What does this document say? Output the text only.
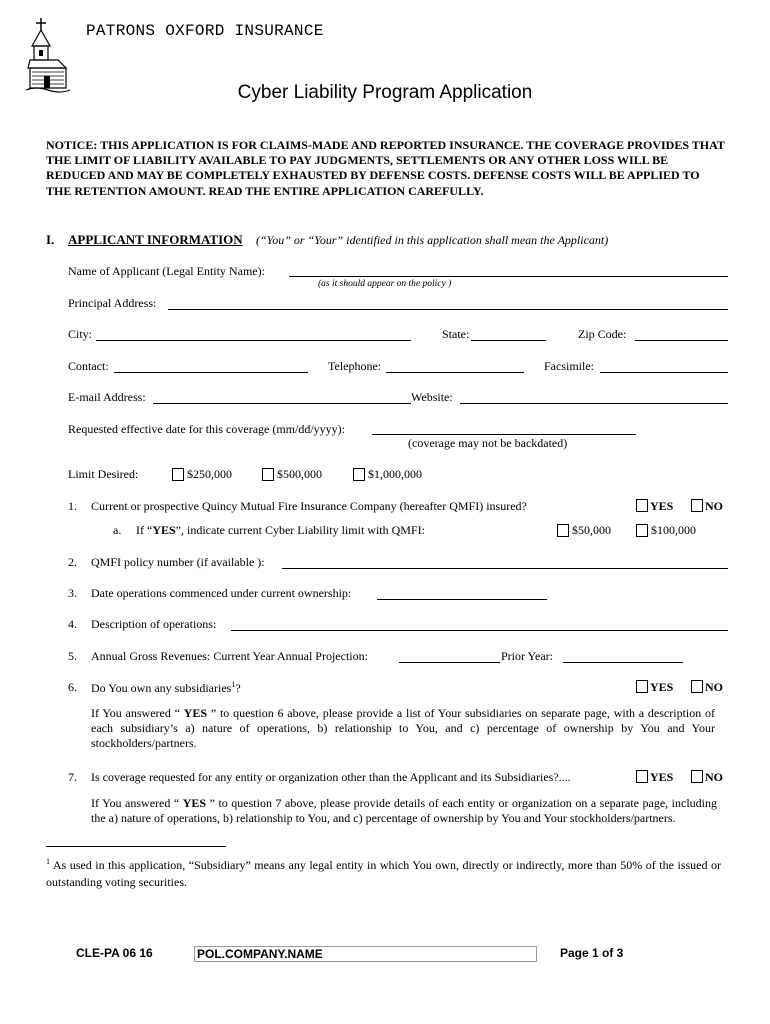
PATRONS OXFORD INSURANCE
Cyber Liability Program Application
NOTICE: THIS APPLICATION IS FOR CLAIMS-MADE AND REPORTED INSURANCE. THE COVERAGE PROVIDES THAT THE LIMIT OF LIABILITY AVAILABLE TO PAY JUDGMENTS, SETTLEMENTS OR ANY OTHER LOSS WILL BE REDUCED AND MAY BE COMPLETELY EXHAUSTED BY DEFENSE COSTS. DEFENSE COSTS WILL BE APPLIED TO THE RETENTION AMOUNT. READ THE ENTIRE APPLICATION CAREFULLY.
I. APPLICANT INFORMATION (“You” or “Your” identified in this application shall mean the Applicant)
Name of Applicant (Legal Entity Name):
(as it should appear on the policy )
Principal Address:
City:	State:	Zip Code:
Contact:	Telephone:	Facsimile:
E-mail Address:	Website:
Requested effective date for this coverage (mm/dd/yyyy):
(coverage may not be backdated)
Limit Desired:	$250,000	$500,000	$1,000,000
1. Current or prospective Quincy Mutual Fire Insurance Company (hereafter QMFI) insured?	YES	NO
a. If “YES”, indicate current Cyber Liability limit with QMFI:	$50,000	$100,000
2. QMFI policy number (if available ):
3. Date operations commenced under current ownership:
4. Description of operations:
5. Annual Gross Revenues: Current Year Annual Projection:	Prior Year:
6. Do You own any subsidiaries$^1$?	YES	NO
If You answered “ YES ” to question 6 above, please provide a list of Your subsidiaries on separate page, with a description of each subsidiary’s a) nature of operations, b) relationship to You, and c) percentage of ownership by You and Your stockholders/partners.
7. Is coverage requested for any entity or organization other than the Applicant and its Subsidiaries?....	YES	NO
If You answered “ YES ” to question 7 above, please provide details of each entity or organization on a separate page, including the a) nature of operations, b) relationship to You, and c) percentage of ownership by You and Your stockholders/partners.
$^1$ As used in this application, “Subsidiary” means any legal entity in which You own, directly or indirectly, more than 50% of the issued or outstanding voting securities.
CLE-PA 06 16	POL.COMPANY.NAME	Page 1 of 3
